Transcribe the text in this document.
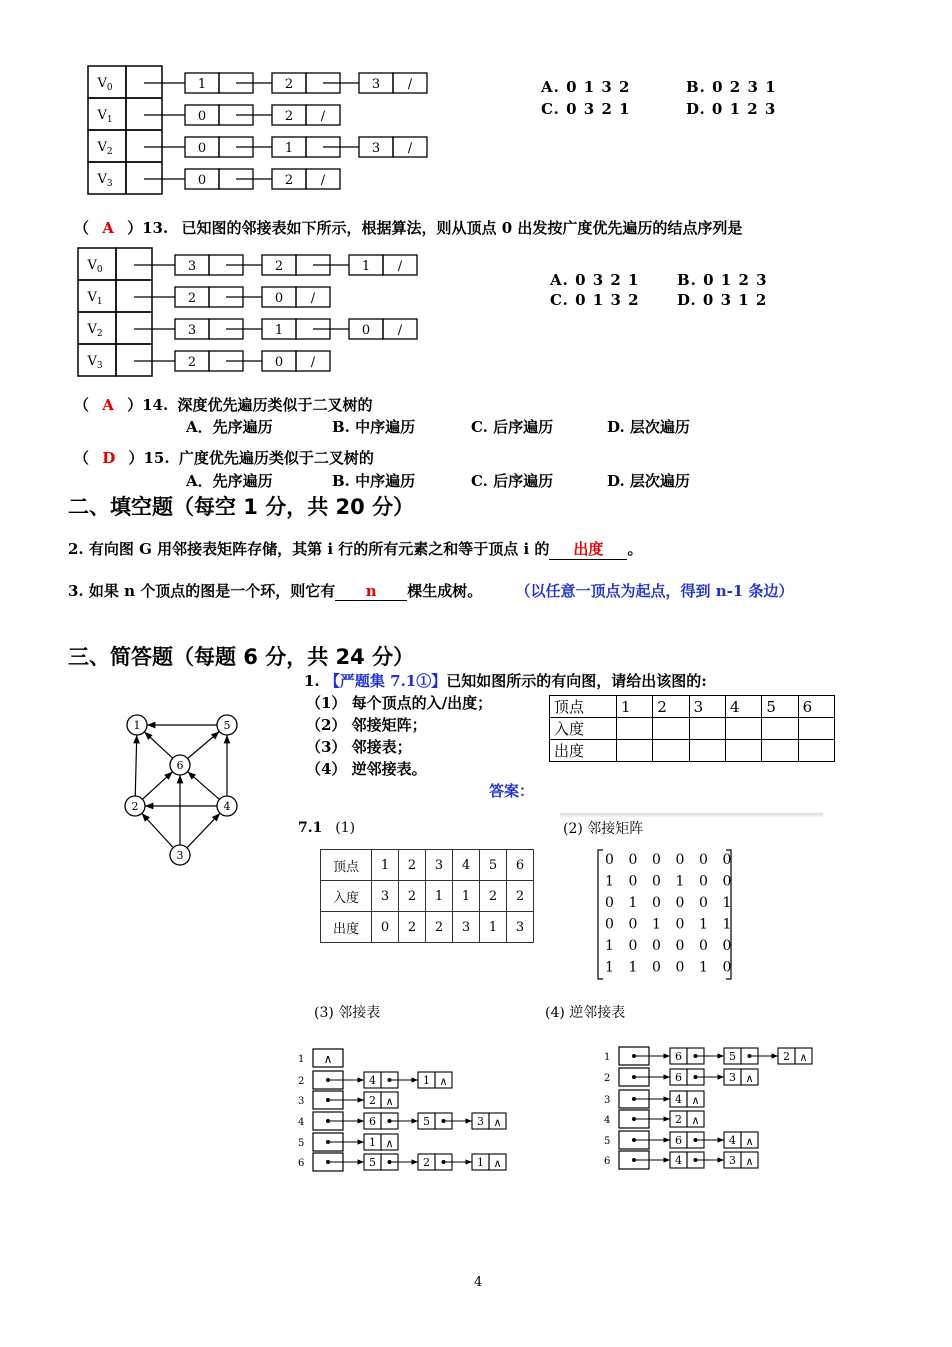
$V_0$	1	2	3 /
$V_1$	0	2 /
$V_2$	0	1	3 /
$V_3$	0	2 /
A. 0 1 3 2	B. 0 2 3 1
C. 0 3 2 1	D. 0 1 2 3
（ A ）13. 已知图的邻接表如下所示，根据算法，则从顶点 0 出发按广度优先遍历的结点序列是
$V_0$	3	2	1 /
$V_1$	2	0 /
$V_2$	3	1	0 /
$V_3$	2	0 /
A. 0 3 2 1	B. 0 1 2 3
C. 0 1 3 2 D. 0 3 1 2
（ A ）14. 深度优先遍历类似于二叉树的
A．先序遍历	B. 中序遍历	C. 后序遍历	D. 层次遍历
（ D ）15. 广度优先遍历类似于二叉树的
A．先序遍历	B. 中序遍历	C. 后序遍历	D. 层次遍历
二、填空题（每空 1 分，共 20 分）
2. 有向图 G 用邻接表矩阵存储，其第 i 行的所有元素之和等于顶点 i 的 出度 。
3. 如果 n 个顶点的图是一个环，则它有 n 棵生成树。 （以任意一顶点为起点，得到 n-1 条边）
三、简答题（每题 6 分，共 24 分）
1. 【严题集 7.1①】已知如图所示的有向图，请给出该图的:
（1） 每个顶点的入/出度；
（2） 邻接矩阵；
（3） 邻接表；
（4） 逆邻接表。
答案：
1
2
3
4
5
6
顶点	1	2	3	4	5	6
入度						
出度						
7.1 (1)
顶点	1	2	3	4	5	6
入度	3	2	1	1	2	2
出度	0	2	2	3	1	3
(2) 邻接矩阵
0 0 0 0 0 0
1 0 0 1 0 0
0 1 0 0 0 1
0 0 1 0 1 1
1 0 0 0 0 0
1 1 0 0 1 0
(3) 邻接表
1 ∧
2	4	1 ∧
3	2 ∧
4	6	5	3 ∧
5	1 ∧
6	5	2	1 ∧
(4) 逆邻接表
1	6	5	2 ∧
2	6	3 ∧
3	4 ∧
4	2 ∧
5	6	4 ∧
6	4	3 ∧
4
